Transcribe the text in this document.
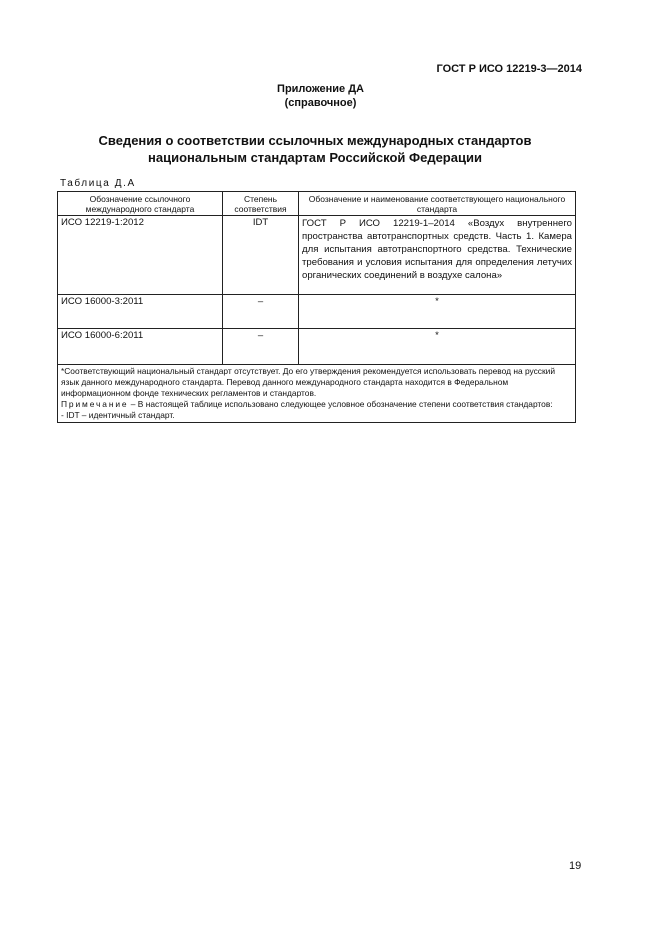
ГОСТ Р ИСО 12219-3—2014
Приложение ДА
(справочное)
Сведения о соответствии ссылочных международных стандартов
национальным стандартам Российской Федерации
Таблица Д.А
Обозначение ссылочного международного стандарта	Степень соответствия	Обозначение и наименование соответствующего национального стандарта
ИСО 12219-1:2012	IDT	ГОСТ Р ИСО 12219-1–2014 «Воздух внутреннего пространства автотранспортных средств. Часть 1. Камера для испытания автотранспортного средства. Технические требования и условия испытания для определения летучих органических соединений в воздухе салона»
ИСО 16000-3:2011	–	*
ИСО 16000-6:2011	–	*

*Соответствующий национальный стандарт отсутствует. До его утверждения рекомендуется использовать перевод на русский язык данного международного стандарта. Перевод данного международного стандарта находится в Федеральном информационном фонде технических регламентов и стандартов.
Примечание – В настоящей таблице использовано следующее условное обозначение степени соответствия стандартов:
- IDT – идентичный стандарт.		
19
